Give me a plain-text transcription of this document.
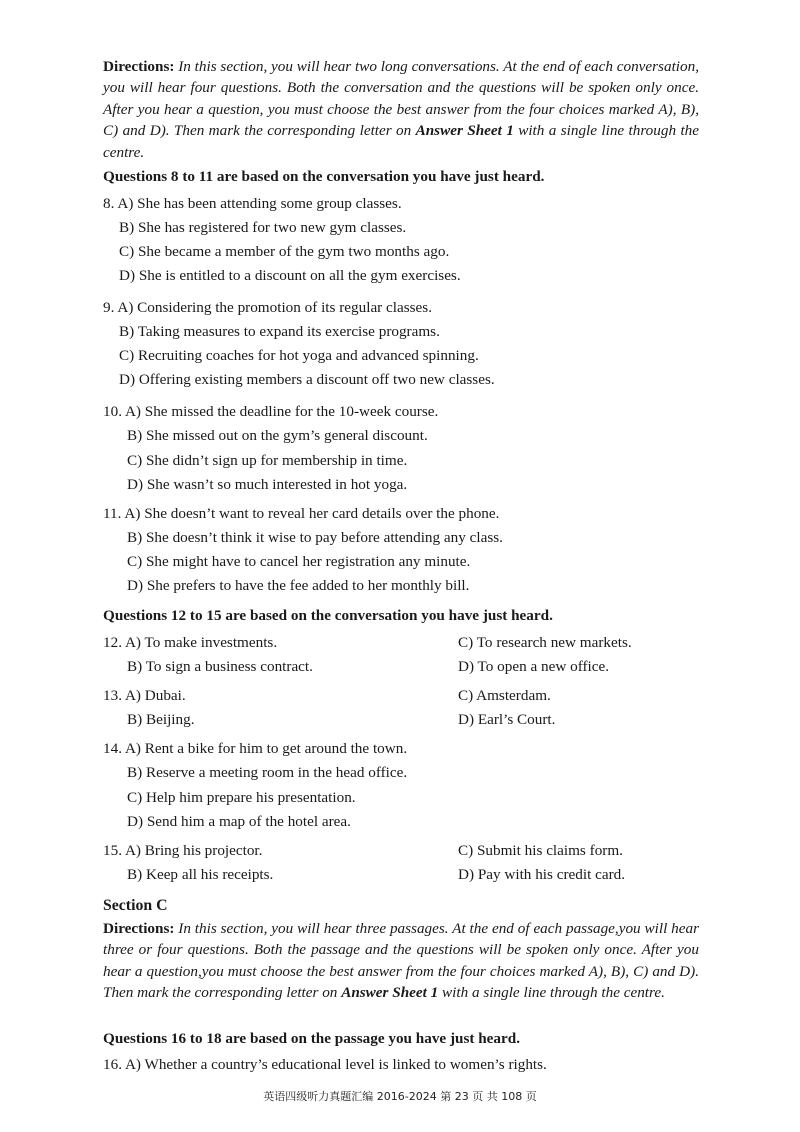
Directions: In this section, you will hear two long conversations. At the end of each conversation, you will hear four questions. Both the conversation and the questions will be spoken only once. After you hear a question, you must choose the best answer from the four choices marked A), B), C) and D). Then mark the corresponding letter on Answer Sheet 1 with a single line through the centre.
Questions 8 to 11 are based on the conversation you have just heard.
8. A) She has been attending some group classes.
B) She has registered for two new gym classes.
C) She became a member of the gym two months ago.
D) She is entitled to a discount on all the gym exercises.
9. A) Considering the promotion of its regular classes.
B) Taking measures to expand its exercise programs.
C) Recruiting coaches for hot yoga and advanced spinning.
D) Offering existing members a discount off two new classes.
10. A) She missed the deadline for the 10-week course.
B) She missed out on the gym’s general discount.
C) She didn’t sign up for membership in time.
D) She wasn’t so much interested in hot yoga.
11. A) She doesn’t want to reveal her card details over the phone.
B) She doesn’t think it wise to pay before attending any class.
C) She might have to cancel her registration any minute.
D) She prefers to have the fee added to her monthly bill.
Questions 12 to 15 are based on the conversation you have just heard.
12. A) To make investments.	C) To research new markets.
B) To sign a business contract.	D) To open a new office.
13. A) Dubai.	C) Amsterdam.
B) Beijing.	D) Earl’s Court.
14. A) Rent a bike for him to get around the town.
B) Reserve a meeting room in the head office.
C) Help him prepare his presentation.
D) Send him a map of the hotel area.
15. A) Bring his projector.	C) Submit his claims form.
B) Keep all his receipts.	D) Pay with his credit card.
Section C
Directions: In this section, you will hear three passages. At the end of each passage,you will hear three or four questions. Both the passage and the questions will be spoken only once. After you hear a question,you must choose the best answer from the four choices marked A), B), C) and D). Then mark the corresponding letter on Answer Sheet 1 with a single line through the centre.
Questions 16 to 18 are based on the passage you have just heard.
16. A) Whether a country’s educational level is linked to women’s rights.
英语四级听力真题汇编 2016-2024 第 23 页 共 108 页
